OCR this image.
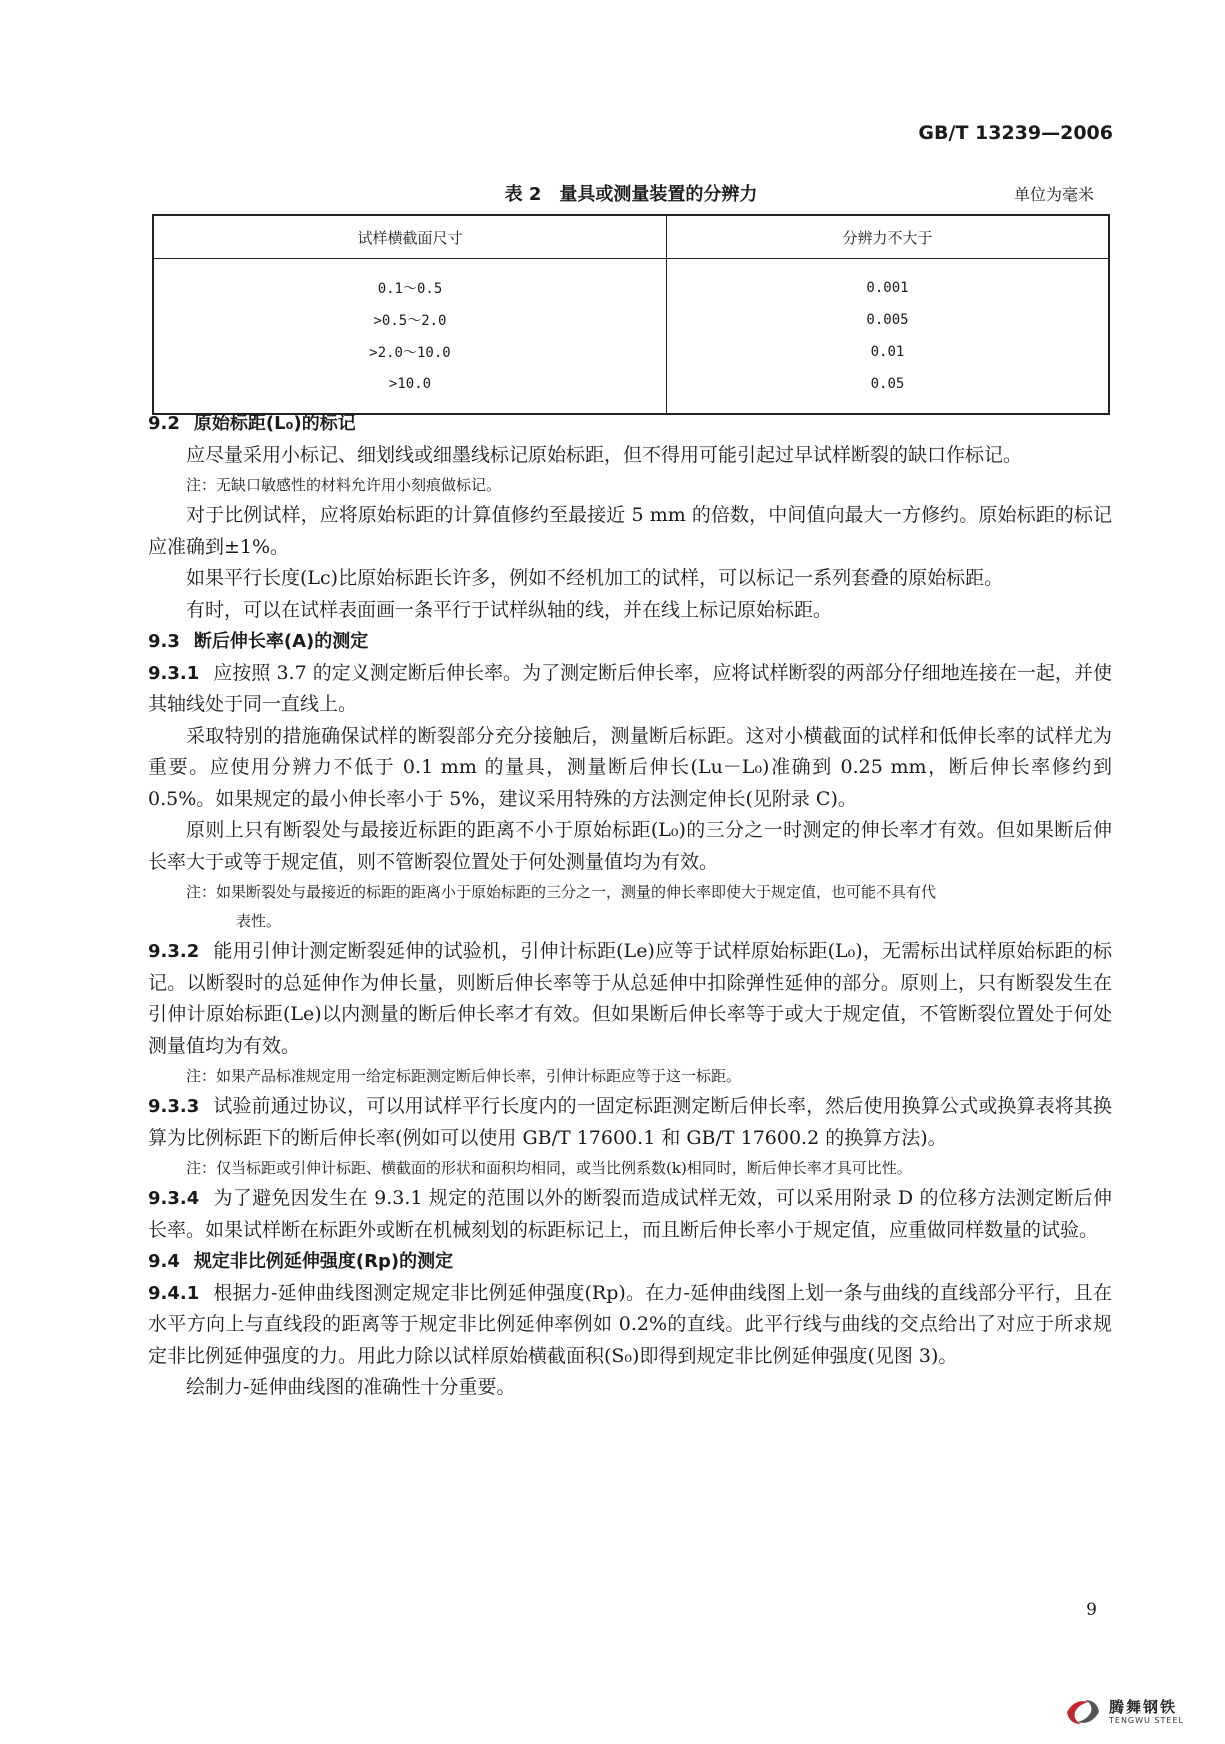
GB/T 13239—2006
表 2　量具或测量装置的分辨力	单位为毫米
试样横截面尺寸	分辨力不大于
0.1～0.5	0.001
>0.5～2.0	0.005
>2.0～10.0	0.01
>10.0	0.05

9.2 原始标距(L₀)的标记

应尽量采用小标记、细划线或细墨线标记原始标距，但不得用可能引起过早试样断裂的缺口作标记。

注：无缺口敏感性的材料允许用小刻痕做标记。

对于比例试样，应将原始标距的计算值修约至最接近 5 mm 的倍数，中间值向最大一方修约。原始标距的标记应准确到±1%。

如果平行长度(Lc)比原始标距长许多，例如不经机加工的试样，可以标记一系列套叠的原始标距。

有时，可以在试样表面画一条平行于试样纵轴的线，并在线上标记原始标距。

9.3 断后伸长率(A)的测定

9.3.1 应按照 3.7 的定义测定断后伸长率。为了测定断后伸长率，应将试样断裂的两部分仔细地连接在一起，并使其轴线处于同一直线上。

采取特别的措施确保试样的断裂部分充分接触后，测量断后标距。这对小横截面的试样和低伸长率的试样尤为重要。应使用分辨力不低于 0.1 mm 的量具，测量断后伸长(Lu－L₀)准确到 0.25 mm，断后伸长率修约到 0.5%。如果规定的最小伸长率小于 5%，建议采用特殊的方法测定伸长(见附录 C)。

原则上只有断裂处与最接近标距的距离不小于原始标距(L₀)的三分之一时测定的伸长率才有效。但如果断后伸长率大于或等于规定值，则不管断裂位置处于何处测量值均为有效。

注：如果断裂处与最接近的标距的距离小于原始标距的三分之一，测量的伸长率即使大于规定值，也可能不具有代
表性。

9.3.2 能用引伸计测定断裂延伸的试验机，引伸计标距(Le)应等于试样原始标距(L₀)，无需标出试样原始标距的标记。以断裂时的总延伸作为伸长量，则断后伸长率等于从总延伸中扣除弹性延伸的部分。原则上，只有断裂发生在引伸计原始标距(Le)以内测量的断后伸长率才有效。但如果断后伸长率等于或大于规定值，不管断裂位置处于何处测量值均为有效。

注：如果产品标准规定用一给定标距测定断后伸长率，引伸计标距应等于这一标距。

9.3.3 试验前通过协议，可以用试样平行长度内的一固定标距测定断后伸长率，然后使用换算公式或换算表将其换算为比例标距下的断后伸长率(例如可以使用 GB/T 17600.1 和 GB/T 17600.2 的换算方法)。

注：仅当标距或引伸计标距、横截面的形状和面积均相同，或当比例系数(k)相同时，断后伸长率才具可比性。

9.3.4 为了避免因发生在 9.3.1 规定的范围以外的断裂而造成试样无效，可以采用附录 D 的位移方法测定断后伸长率。如果试样断在标距外或断在机械刻划的标距标记上，而且断后伸长率小于规定值，应重做同样数量的试验。

9.4 规定非比例延伸强度(Rp)的测定

9.4.1 根据力-延伸曲线图测定规定非比例延伸强度(Rp)。在力-延伸曲线图上划一条与曲线的直线部分平行，且在水平方向上与直线段的距离等于规定非比例延伸率例如 0.2%的直线。此平行线与曲线的交点给出了对应于所求规定非比例延伸强度的力。用此力除以试样原始横截面积(S₀)即得到规定非比例延伸强度(见图 3)。

绘制力-延伸曲线图的准确性十分重要。

9
腾舞钢铁
TENGWU STEEL
